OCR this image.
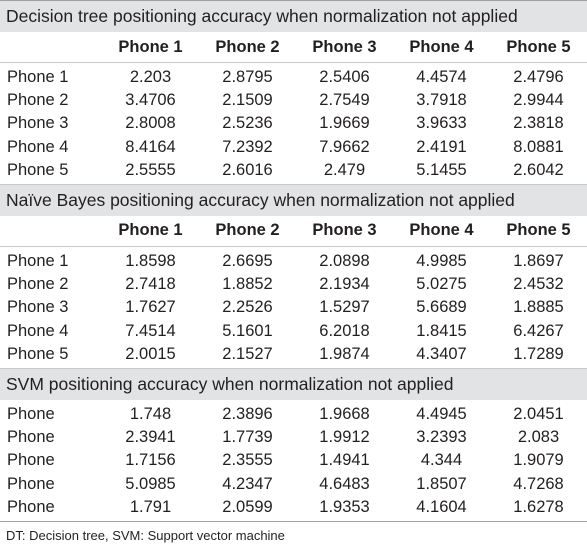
Decision tree positioning accuracy when normalization not applied
	Phone 1	Phone 2	Phone 3	Phone 4	Phone 5
Phone 1	2.203	2.8795	2.5406	4.4574	2.4796
Phone 2	3.4706	2.1509	2.7549	3.7918	2.9944
Phone 3	2.8008	2.5236	1.9669	3.9633	2.3818
Phone 4	8.4164	7.2392	7.9662	2.4191	8.0881
Phone 5	2.5555	2.6016	2.479	5.1455	2.6042
Naïve Bayes positioning accuracy when normalization not applied
	Phone 1	Phone 2	Phone 3	Phone 4	Phone 5
Phone 1	1.8598	2.6695	2.0898	4.9985	1.8697
Phone 2	2.7418	1.8852	2.1934	5.0275	2.4532
Phone 3	1.7627	2.2526	1.5297	5.6689	1.8885
Phone 4	7.4514	5.1601	6.2018	1.8415	6.4267
Phone 5	2.0015	2.1527	1.9874	4.3407	1.7289
SVM positioning accuracy when normalization not applied
Phone	1.748	2.3896	1.9668	4.4945	2.0451
Phone	2.3941	1.7739	1.9912	3.2393	2.083
Phone	1.7156	2.3555	1.4941	4.344	1.9079
Phone	5.0985	4.2347	4.6483	1.8507	4.7268
Phone	1.791	2.0599	1.9353	4.1604	1.6278
DT: Decision tree, SVM: Support vector machine
